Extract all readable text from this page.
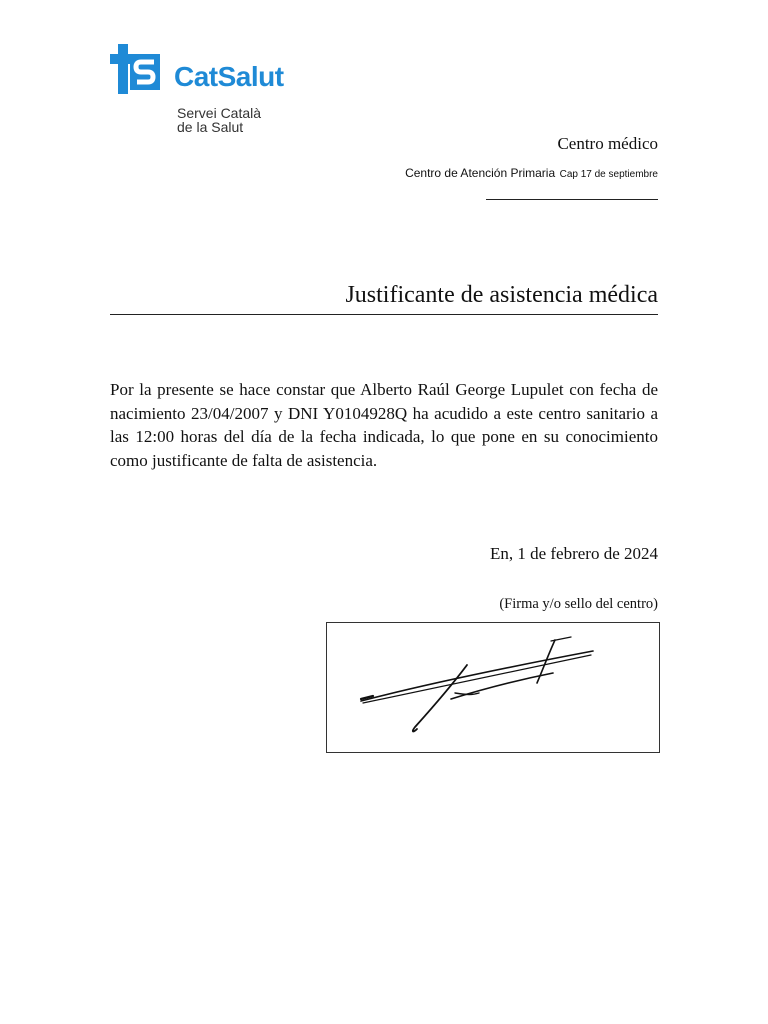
CatSalut
Servei Català
de la Salut
Centro médico
Centro de Atención Primaria Cap 17 de septiembre
Justificante de asistencia médica
Por la presente se hace constar que Alberto Raúl George Lupulet con fecha de nacimiento 23/04/2007 y DNI Y0104928Q ha acudido a este centro sanitario a las 12:00 horas del día de la fecha indicada, lo que pone en su conocimiento como justificante de falta de asistencia.
En, 1 de febrero de 2024
(Firma y/o sello del centro)
